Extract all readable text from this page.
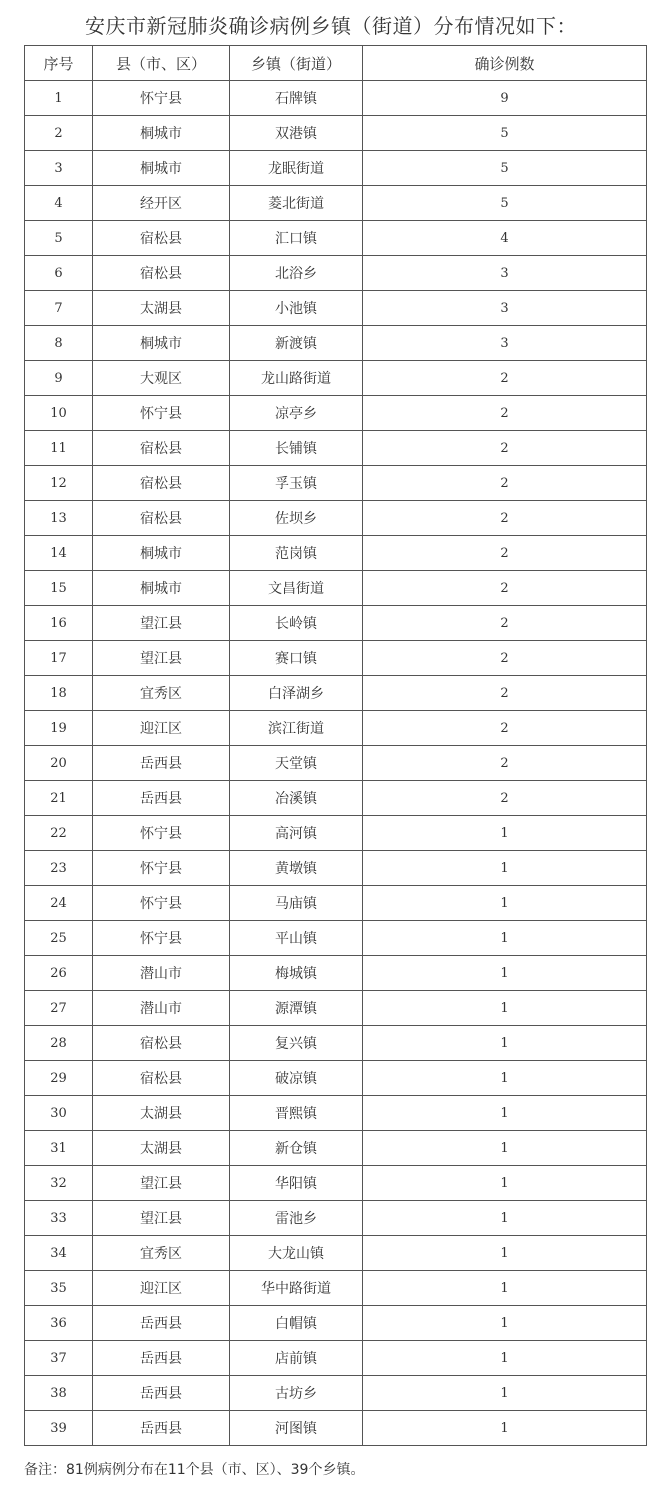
安庆市新冠肺炎确诊病例乡镇（街道）分布情况如下：
序号	县（市、区）	乡镇（街道）	确诊例数
1	怀宁县	石牌镇	9
2	桐城市	双港镇	5
3	桐城市	龙眠街道	5
4	经开区	菱北街道	5
5	宿松县	汇口镇	4
6	宿松县	北浴乡	3
7	太湖县	小池镇	3
8	桐城市	新渡镇	3
9	大观区	龙山路街道	2
10	怀宁县	凉亭乡	2
11	宿松县	长铺镇	2
12	宿松县	孚玉镇	2
13	宿松县	佐坝乡	2
14	桐城市	范岗镇	2
15	桐城市	文昌街道	2
16	望江县	长岭镇	2
17	望江县	赛口镇	2
18	宜秀区	白泽湖乡	2
19	迎江区	滨江街道	2
20	岳西县	天堂镇	2
21	岳西县	冶溪镇	2
22	怀宁县	高河镇	1
23	怀宁县	黄墩镇	1
24	怀宁县	马庙镇	1
25	怀宁县	平山镇	1
26	潜山市	梅城镇	1
27	潜山市	源潭镇	1
28	宿松县	复兴镇	1
29	宿松县	破凉镇	1
30	太湖县	晋熙镇	1
31	太湖县	新仓镇	1
32	望江县	华阳镇	1
33	望江县	雷池乡	1
34	宜秀区	大龙山镇	1
35	迎江区	华中路街道	1
36	岳西县	白帽镇	1
37	岳西县	店前镇	1
38	岳西县	古坊乡	1
39	岳西县	河图镇	1
备注：81例病例分布在11个县（市、区）、39个乡镇。
